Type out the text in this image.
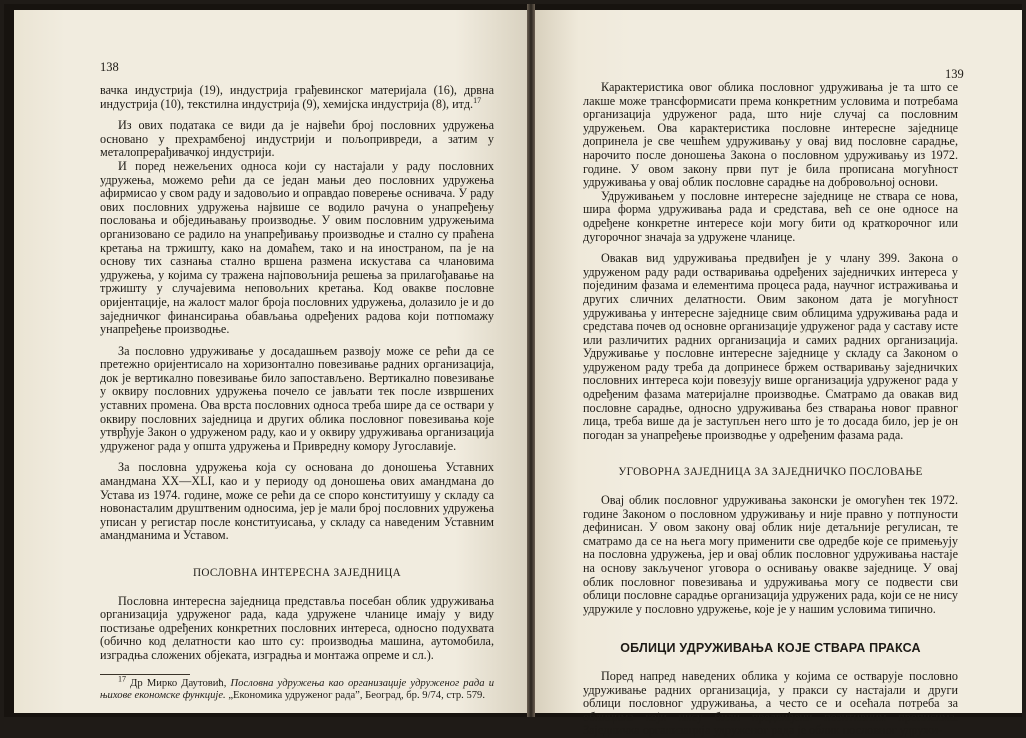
138

вачка индустрија (19), индустрија грађевинског материјала (16), дрвна индустрија (10), текстилна индустрија (9), хемијска индустрија (8), итд.$^{17}$

Из ових података се види да је највећи број пословних удружења основано у прехрамбеној индустрији и пољопривреди, а затим у металопрерађивачкој индустрији.

И поред нежељених односа који су настајали у раду пословних удружења, можемо рећи да се један мањи део пословних удружења афирмисао у свом раду и задовољио и оправдао поверење оснивача. У раду ових пословних удружења највише се водило рачуна о унапређењу пословања и обједињавању производње. У овим пословним удружењима организовано се радило на унапређивању производње и стално су праћена кретања на тржишту, како на домаћем, тако и на иностраном, па је на основу тих сазнања стално вршена размена искустава са члановима удружења, у којима су тражена најповољнија решења за прилагођавање на тржишту у случајевима неповољних кретања. Код овакве пословне оријентације, на жалост малог броја пословних удружења, долазило је и до заједничког финансирања обављања одређених радова који потпомажу унапређење производње.

За пословно удруживање у досадашњем развоју може се рећи да се претежно оријентисало на хоризонтално повезивање радних организација, док је вертикално повезивање било запостављено. Вертикално повезивање у оквиру пословних удружења почело се јављати тек после извршених уставних промена. Ова врста пословних односа треба шире да се оствари у оквиру пословних заједница и других облика пословног повезивања које утврђује Закон о удруженом раду, као и у оквиру удруживања организација удруженог рада у општа удружења и Привредну комору Југославије.

За пословна удружења која су основана до доношења Уставних амандмана XX—XLI, као и у периоду од доношења ових амандмана до Устава из 1974. године, може се рећи да се споро конституишу у складу са новонасталим друштвеним односима, јер је мали број пословних удружења уписан у регистар после конституисања, у складу са наведеним Уставним амандманима и Уставом.

ПОСЛОВНА ИНТЕРЕСНА ЗАЈЕДНИЦА

Пословна интересна заједница представља посебан облик удруживања организација удруженог рада, када удружене чланице имају у виду постизање одређених конкретних пословних интереса, односно подухвата (обично код делатности као што су: производња машина, аутомобила, изградња сложених објеката, изградња и монтажа опреме и сл.).

$^{17}$ Др Мирко Даутовић, Пословна удружења као организације удруженог рада и њихове економске функције. „Економика удруженог рада”, Београд, бр. 9/74, стр. 579.

139

Карактеристика овог облика пословног удруживања је та што се лакше може трансформисати према конкретним условима и потребама организација удруженог рада, што није случај са пословним удружењем. Ова карактеристика пословне интересне заједнице допринела је све чешћем удруживању у овај вид пословне сарадње, нарочито после доношења Закона о пословном удруживању из 1972. године. У овом закону први пут је била прописана могућност удруживања у овај облик пословне сарадње на добровољној основи.

Удруживањем у пословне интересне заједнице не ствара се нова, шира форма удруживања рада и средстава, већ се оне односе на одређене конкретне интересе који могу бити од краткорочног или дугорочног значаја за удружене чланице.

Овакав вид удруживања предвиђен је у члану 399. Закона о удруженом раду ради остваривања одређених заједничких интереса у појединим фазама и елементима процеса рада, научног истраживања и других сличних делатности. Овим законом дата је могућност удруживања у интересне заједнице свим облицима удруживања рада и средстава почев од основне организације удруженог рада у саставу исте или различитих радних организација и самих радних организација. Удруживање у пословне интересне заједнице у складу са Законом о удруженом раду треба да допринесе бржем остваривању заједничких пословних интереса који повезују више организација удруженог рада у одређеним фазама материјалне производње. Сматрамо да овакав вид пословне сарадње, односно удруживања без стварања новог правног лица, треба више да је заступљен него што је то досада било, јер је он погодан за унапређење производње у одређеним фазама рада.

УГОВОРНА ЗАЈЕДНИЦА ЗА ЗАЈЕДНИЧКО ПОСЛОВАЊЕ

Овај облик пословног удруживања законски је омогућен тек 1972. године Законом о пословном удруживању и није правно у потпуности дефинисан. У овом закону овај облик није детаљније регулисан, те сматрамо да се на њега могу применити све одредбе које се примењују на пословна удружења, јер и овај облик пословног удруживања настаје на основу закљученог уговора о оснивању овакве заједнице. У овај облик пословног повезивања и удруживања могу се подвести сви облици пословне сарадње организација удружених рада, који се не нису удружиле у пословно удружење, које је у нашим условима типично.

ОБЛИЦИ УДРУЖИВАЊА КОЈЕ СТВАРА ПРАКСА

Поред напред наведених облика у којима се остварује пословно удруживање радних организација, у пракси су настајали и други облици пословног удруживања, а често се и осећала потреба за облицима који нису били предвиђени позитивним прописима. Заједничка организација удруженог рада је облик пословног удружи-
